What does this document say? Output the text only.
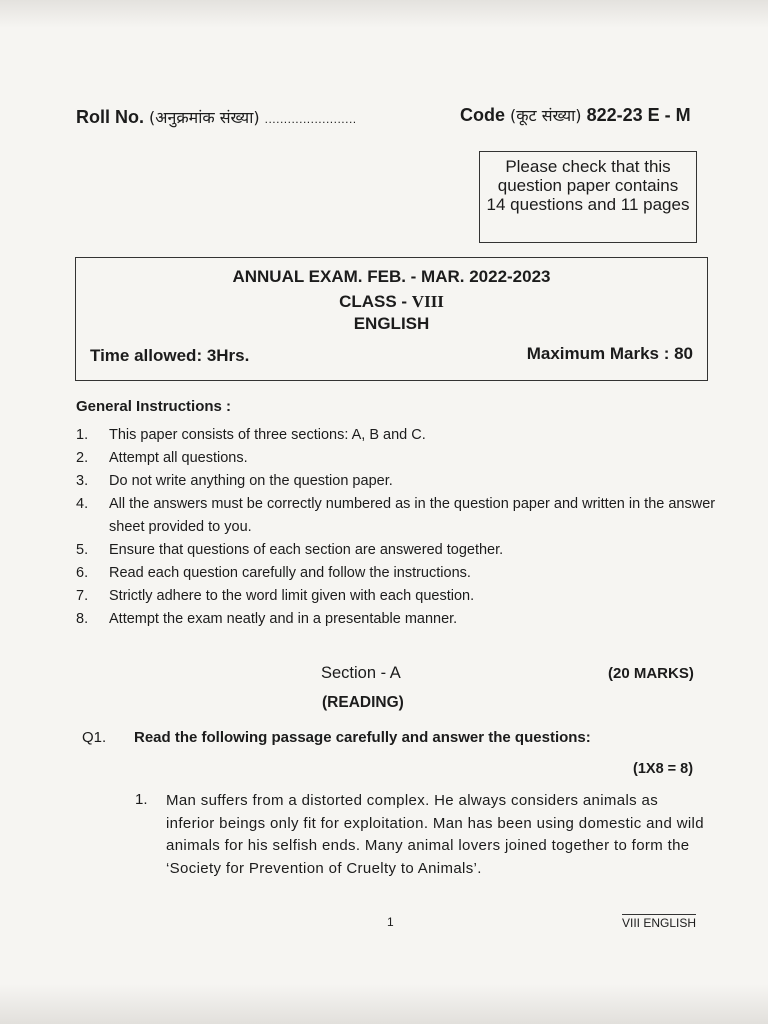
Roll No. (अनुक्रमांक संख्या) ........................	Code (कूट संख्या) 822-23 E - M
Please check that this question paper contains 14 questions and 11 pages
ANNUAL EXAM. FEB. - MAR. 2022-2023
CLASS - VIII
ENGLISH
Time allowed: 3Hrs.	Maximum Marks : 80
General Instructions :
1. This paper consists of three sections: A, B and C.
2. Attempt all questions.
3. Do not write anything on the question paper.
4. All the answers must be correctly numbered as in the question paper and written in the answer sheet provided to you.
5. Ensure that questions of each section are answered together.
6. Read each question carefully and follow the instructions.
7. Strictly adhere to the word limit given with each question.
8. Attempt the exam neatly and in a presentable manner.
Section - A	(20 MARKS)
(READING)
Q1. Read the following passage carefully and answer the questions:
(1X8 = 8)
1. Man suffers from a distorted complex. He always considers animals as inferior beings only fit for exploitation. Man has been using domestic and wild animals for his selfish ends. Many animal lovers joined together to form the ‘Society for Prevention of Cruelty to Animals’.

1	VIII ENGLISH
